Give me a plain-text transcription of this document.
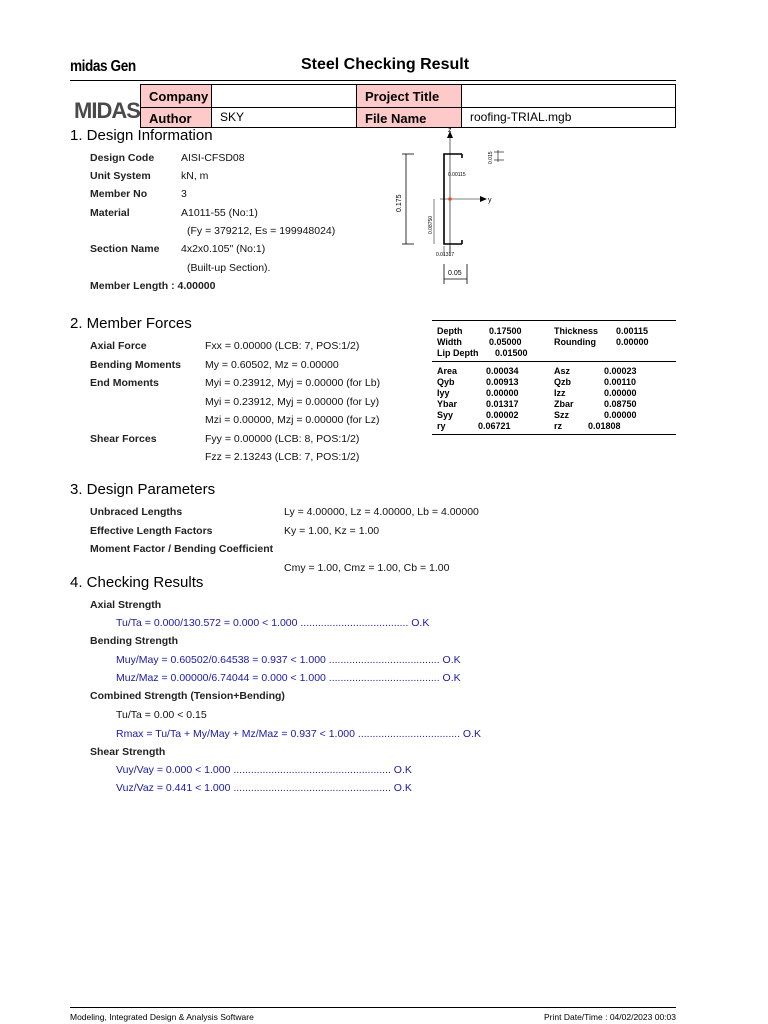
midas Gen	Steel Checking Result
MIDAS
Company	Project Title
Author	SKY	File Name	roofing-TRIAL.mgb
1. Design Information
Design Code	AISI-CFSD08
Unit System	kN, m
Member No	3
Material	A1011-55 (No:1)
(Fy = 379212, Es = 199948024)
Section Name 4x2x0.105" (No:1)
(Built-up Section).
Member Length : 4.00000
0.175
z
y
0.00115
0.015
0.08750
0.01317
0.05
Depth	0.17500	Thickness 0.00115
Width	0.05000	Rounding 0.00000
Lip Depth 0.01500
Area	0.00034	Asz	0.00023
Qyb	0.00913	Qzb	0.00110
Iyy	0.00000	Izz	0.00000
Ybar	0.01317	Zbar	0.08750
Syy	0.00002	Szz	0.00000
ry	0.06721	rz	0.01808
2. Member Forces
Axial Force	Fxx = 0.00000 (LCB: 7, POS:1/2)
Bending Moments My = 0.60502, Mz = 0.00000
End Moments	Myi = 0.23912, Myj = 0.00000 (for Lb)
Myi = 0.23912, Myj = 0.00000 (for Ly)
Mzi = 0.00000, Mzj = 0.00000 (for Lz)
Shear Forces	Fyy = 0.00000 (LCB: 8, POS:1/2)
Fzz = 2.13243 (LCB: 7, POS:1/2)
3. Design Parameters
Unbraced Lengths	Ly = 4.00000, Lz = 4.00000, Lb = 4.00000
Effective Length Factors	Ky = 1.00, Kz = 1.00
Moment Factor / Bending Coefficient
Cmy = 1.00, Cmz = 1.00, Cb = 1.00
4. Checking Results
Axial Strength
Tu/Ta = 0.000/130.572 = 0.000 < 1.000 ..................................... O.K
Bending Strength
Muy/May = 0.60502/0.64538 = 0.937 < 1.000 ...................................... O.K
Muz/Maz = 0.00000/6.74044 = 0.000 < 1.000 ...................................... O.K
Combined Strength (Tension+Bending)
Tu/Ta = 0.00 < 0.15
Rmax = Tu/Ta + My/May + Mz/Maz = 0.937 < 1.000 ................................... O.K
Shear Strength
Vuy/Vay = 0.000 < 1.000 ...................................................... O.K
Vuz/Vaz = 0.441 < 1.000 ...................................................... O.K
Modeling, Integrated Design & Analysis Software	Print Date/Time : 04/02/2023 00:03
